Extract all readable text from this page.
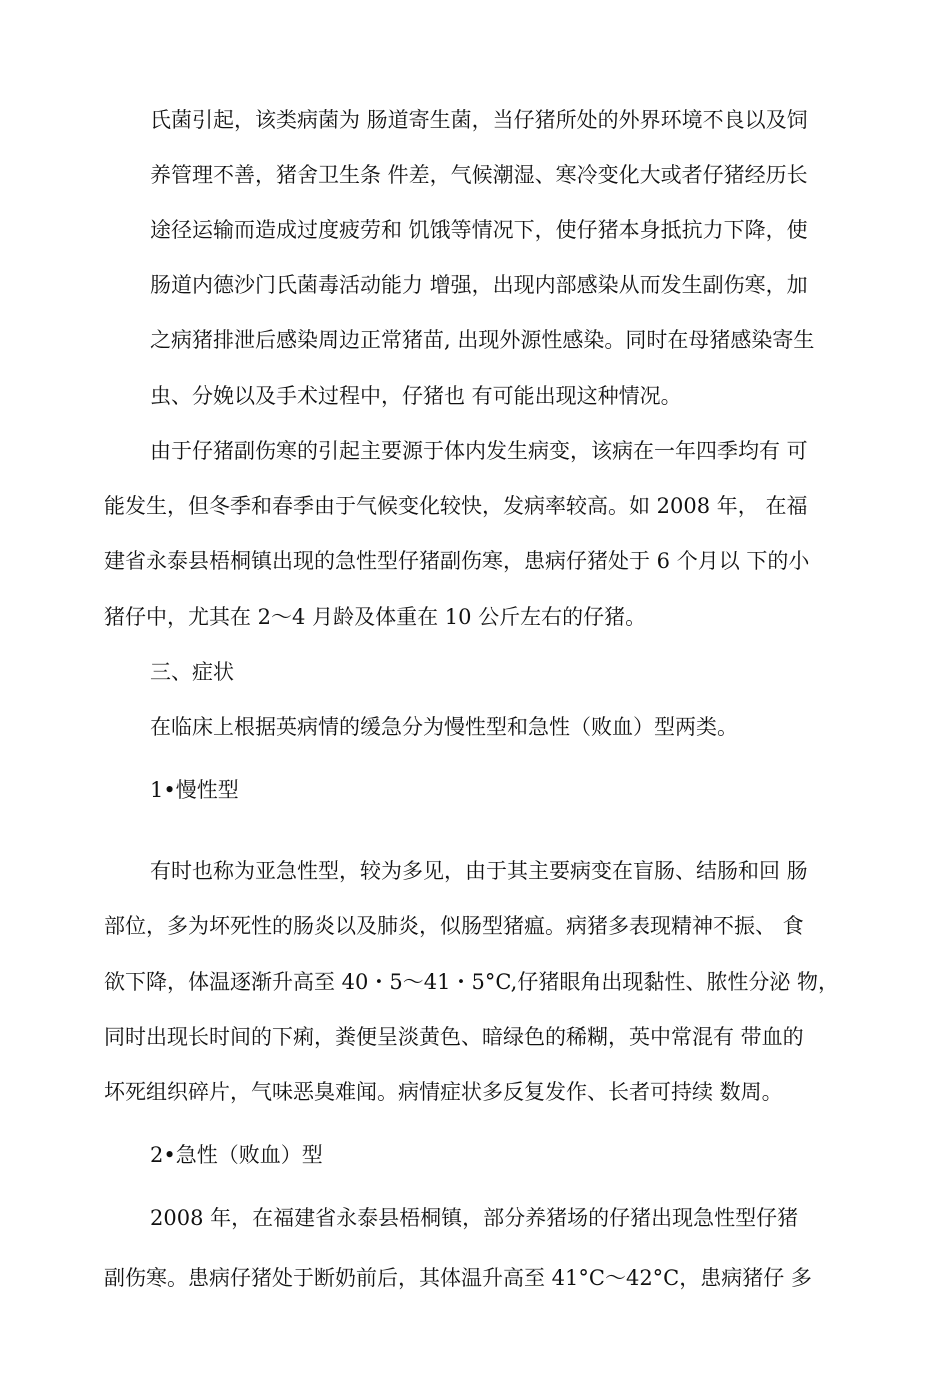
氏菌引起，该类病菌为 肠道寄生菌，当仔猪所处的外界环境不良以及饲
养管理不善，猪舍卫生条 件差，气候潮湿、寒冷变化大或者仔猪经历长
途径运输而造成过度疲劳和 饥饿等情况下，使仔猪本身抵抗力下降，使
肠道内德沙门氏菌毒活动能力 增强，出现内部感染从而发生副伤寒，加
之病猪排泄后感染周边正常猪苗, 出现外源性感染。同时在母猪感染寄生
虫、分娩以及手术过程中，仔猪也 有可能出现这种情况。
由于仔猪副伤寒的引起主要源于体内发生病变，该病在一年四季均有 可
能发生，但冬季和春季由于气候变化较快，发病率较高。如 2008 年， 在福
建省永泰县梧桐镇出现的急性型仔猪副伤寒，患病仔猪处于 6 个月以 下的小
猪仔中，尤其在 2〜4 月龄及体重在 10 公斤左右的仔猪。
三、症状
在临床上根据英病情的缓急分为慢性型和急性（败血）型两类。
1•慢性型
有时也称为亚急性型，较为多见，由于其主要病变在盲肠、结肠和回 肠
部位，多为坏死性的肠炎以及肺炎，似肠型猪瘟。病猪多表现精神不振、 食
欲下降，体温逐渐升高至 40・5〜41・5°C,仔猪眼角出现黏性、脓性分泌 物，
同时出现长时间的下痢，粪便呈淡黄色、暗绿色的稀糊，英中常混有 带血的
坏死组织碎片，气味恶臭难闻。病情症状多反复发作、长者可持续 数周。
2•急性（败血）型
2008 年，在福建省永泰县梧桐镇，部分养猪场的仔猪出现急性型仔猪
副伤寒。患病仔猪处于断奶前后，其体温升高至 41°C〜42°C，患病猪仔 多
